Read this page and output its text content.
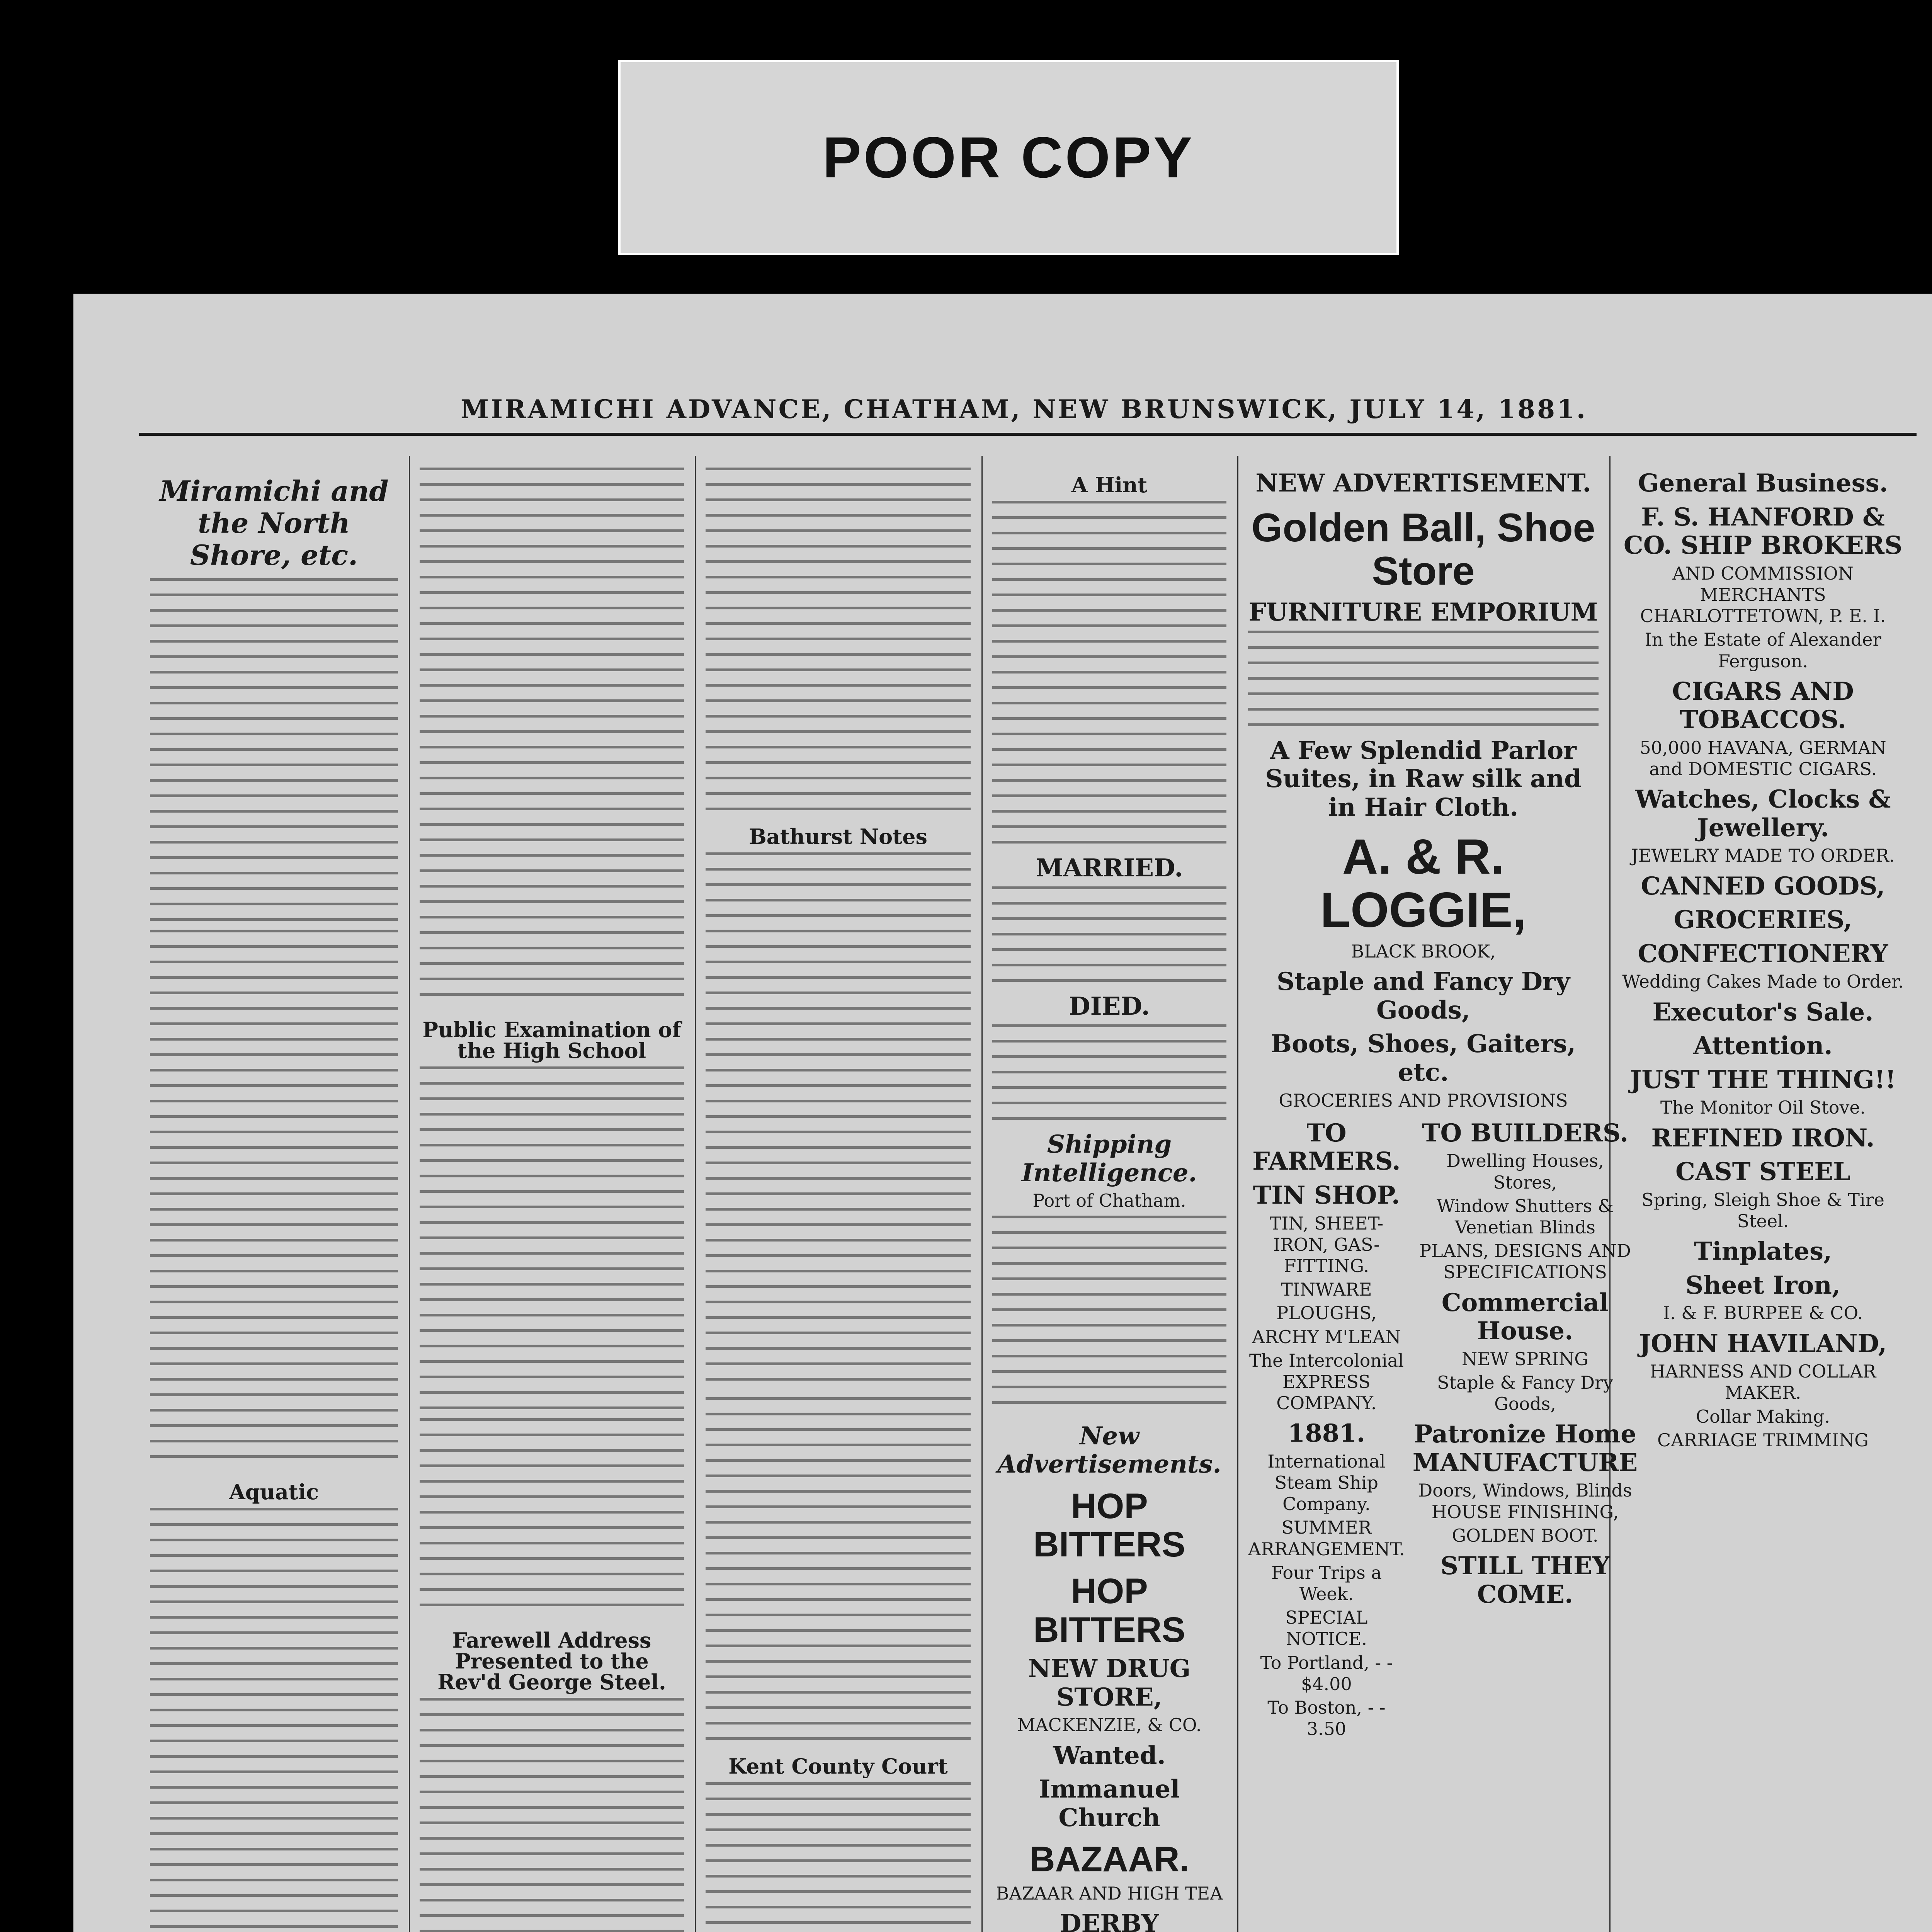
POOR COPY
MIRAMICHI ADVANCE, CHATHAM, NEW BRUNSWICK, JULY 14, 1881.
Miramichi and the North Shore, etc.
Aquatic
Public Examination of the High School
Farewell Address Presented to the Rev'd George Steel.
Bathurst Notes
Kent County Court
A Hint
MARRIED.
DIED.
Shipping Intelligence.
Port of Chatham.
New Advertisements.
HOP BITTERS
HOP BITTERS
NEW DRUG STORE,
MACKENZIE, & CO.
Wanted.
Immanuel Church
BAZAAR.
BAZAAR AND HIGH TEA
DERBY
NEW ADVERTISEMENT.
Golden Ball, Shoe Store
FURNITURE EMPORIUM
A Few Splendid Parlor Suites, in Raw silk and in Hair Cloth.
A. & R. LOGGIE,
BLACK BROOK,
Staple and Fancy Dry Goods,
Boots, Shoes, Gaiters, etc.
GROCERIES AND PROVISIONS
TO FARMERS.
TIN SHOP.
TIN, SHEET-IRON, GAS-FITTING.
TINWARE
PLOUGHS,
ARCHY M'LEAN
The Intercolonial EXPRESS COMPANY.
1881.
International Steam Ship Company.
SUMMER ARRANGEMENT.
Four Trips a Week.
SPECIAL NOTICE.
To Portland, - - $4.00
To Boston, - - 3.50
TO BUILDERS.
Dwelling Houses, Stores,
Window Shutters & Venetian Blinds
PLANS, DESIGNS AND SPECIFICATIONS
Commercial House.
NEW SPRING
Staple & Fancy Dry Goods,
Patronize Home MANUFACTURE
Doors, Windows, Blinds HOUSE FINISHING,
GOLDEN BOOT.
STILL THEY COME.
General Business.
F. S. HANFORD & CO. SHIP BROKERS
AND COMMISSION MERCHANTS CHARLOTTETOWN, P. E. I.
In the Estate of Alexander Ferguson.
CIGARS AND TOBACCOS.
50,000 HAVANA, GERMAN and DOMESTIC CIGARS.
Watches, Clocks & Jewellery.
JEWELRY MADE TO ORDER.
CANNED GOODS,
GROCERIES,
CONFECTIONERY
Wedding Cakes Made to Order.
Executor's Sale.
Attention.
JUST THE THING!!
The Monitor Oil Stove.
REFINED IRON.
CAST STEEL
Spring, Sleigh Shoe & Tire Steel.
Tinplates,
Sheet Iron,
I. & F. BURPEE & CO.
JOHN HAVILAND,
HARNESS AND COLLAR MAKER.
Collar Making.
CARRIAGE TRIMMING
